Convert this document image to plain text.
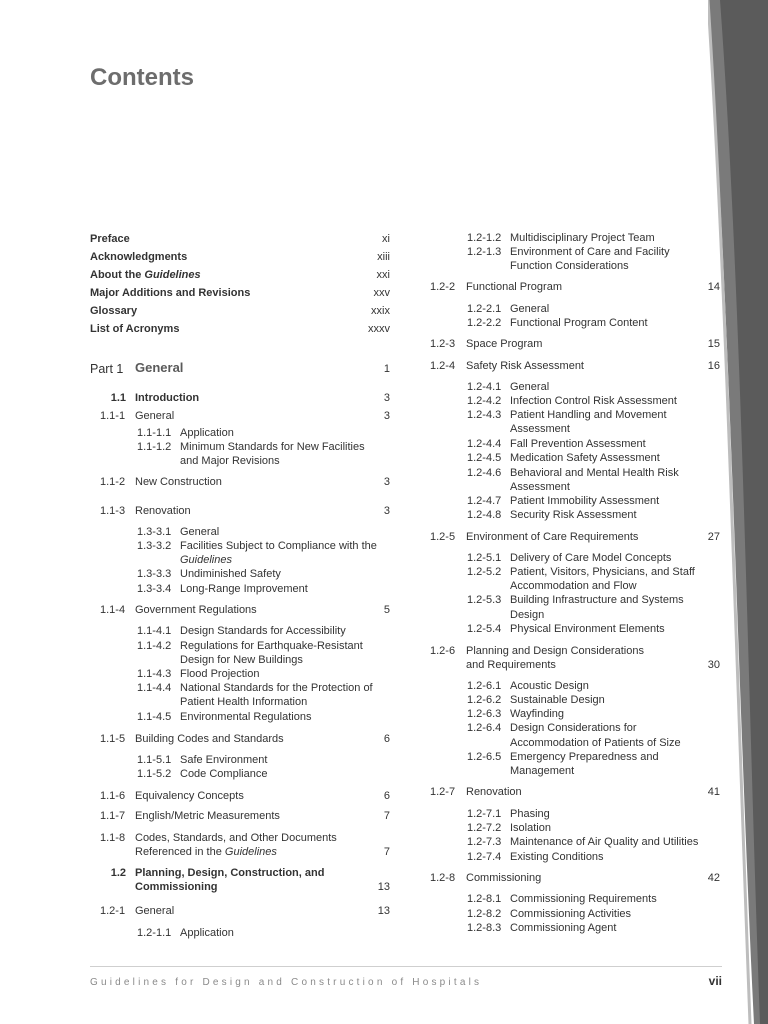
Contents
Preface	xi
Acknowledgments	xiii
About the Guidelines	xxi
Major Additions and Revisions	xxv
Glossary	xxix
List of Acronyms	xxxv
Part 1 General	1
1.1 Introduction	3
1.1-1 General	3
1.1-1.1 Application
1.1-1.2 Minimum Standards for New Facilities
and Major Revisions
1.1-2 New Construction	3
1.1-3 Renovation	3
1.3-3.1 General
1.3-3.2 Facilities Subject to Compliance with the
Guidelines
1.3-3.3 Undiminished Safety
1.3-3.4 Long-Range Improvement
1.1-4 Government Regulations	5
1.1-4.1 Design Standards for Accessibility
1.1-4.2 Regulations for Earthquake-Resistant
Design for New Buildings
1.1-4.3 Flood Projection
1.1-4.4 National Standards for the Protection of
Patient Health Information
1.1-4.5 Environmental Regulations
1.1-5 Building Codes and Standards	6
1.1-5.1 Safe Environment
1.1-5.2 Code Compliance
1.1-6 Equivalency Concepts	6
1.1-7 English/Metric Measurements	7
1.1-8 Codes, Standards, and Other Documents
Referenced in the Guidelines	7
1.2 Planning, Design, Construction, and
Commissioning	13
1.2-1 General	13
1.2-1.1 Application
1.2-1.2 Multidisciplinary Project Team
1.2-1.3 Environment of Care and Facility
Function Considerations
1.2-2 Functional Program	14
1.2-2.1 General
1.2-2.2 Functional Program Content
1.2-3 Space Program	15
1.2-4 Safety Risk Assessment	16
1.2-4.1 General
1.2-4.2 Infection Control Risk Assessment
1.2-4.3 Patient Handling and Movement
Assessment
1.2-4.4 Fall Prevention Assessment
1.2-4.5 Medication Safety Assessment
1.2-4.6 Behavioral and Mental Health Risk
Assessment
1.2-4.7 Patient Immobility Assessment
1.2-4.8 Security Risk Assessment
1.2-5 Environment of Care Requirements	27
1.2-5.1 Delivery of Care Model Concepts
1.2-5.2 Patient, Visitors, Physicians, and Staff
Accommodation and Flow
1.2-5.3 Building Infrastructure and Systems
Design
1.2-5.4 Physical Environment Elements
1.2-6 Planning and Design Considerations
and Requirements	30
1.2-6.1 Acoustic Design
1.2-6.2 Sustainable Design
1.2-6.3 Wayfinding
1.2-6.4 Design Considerations for
Accommodation of Patients of Size
1.2-6.5 Emergency Preparedness and
Management
1.2-7 Renovation	41
1.2-7.1 Phasing
1.2-7.2 Isolation
1.2-7.3 Maintenance of Air Quality and Utilities
1.2-7.4 Existing Conditions
1.2-8 Commissioning	42
1.2-8.1 Commissioning Requirements
1.2-8.2 Commissioning Activities
1.2-8.3 Commissioning Agent
Guidelines for Design and Construction of Hospitals	vii
